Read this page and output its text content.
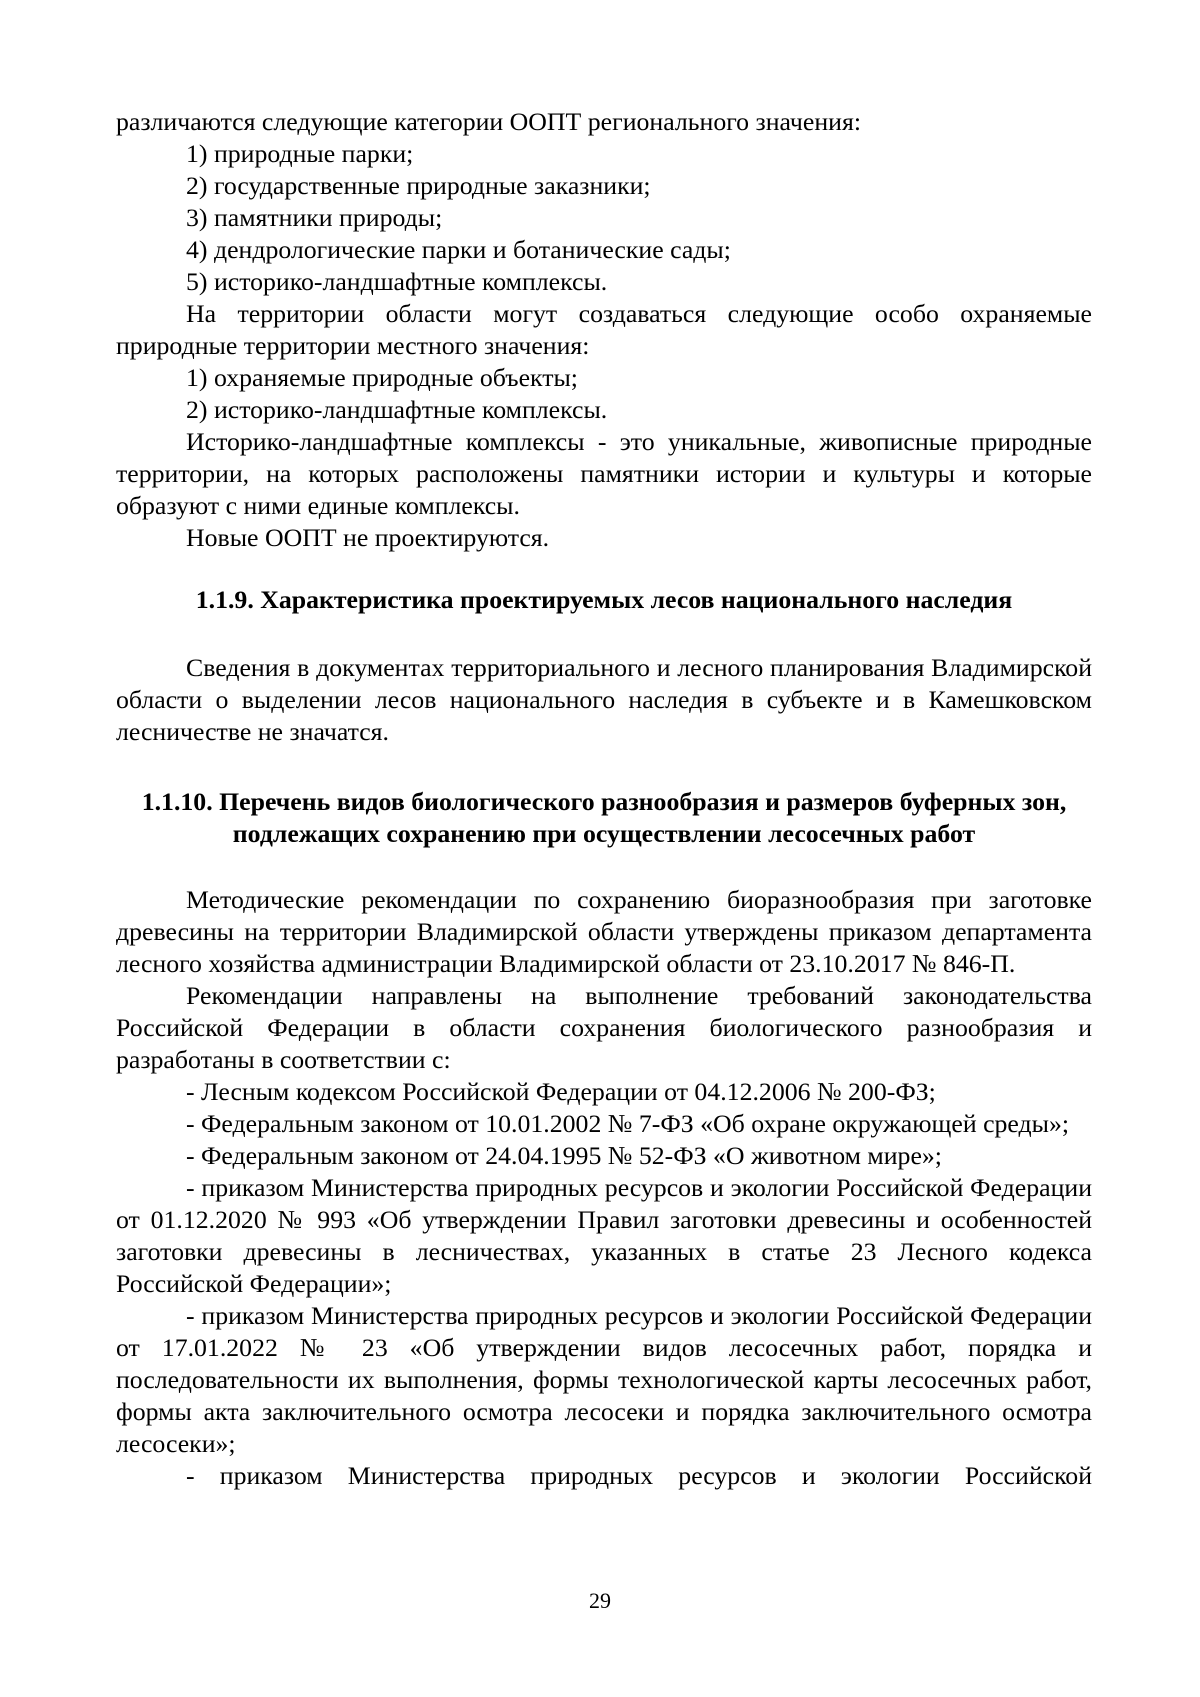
различаются следующие категории ООПТ регионального значения:

1) природные парки;

2) государственные природные заказники;

3) памятники природы;

4) дендрологические парки и ботанические сады;

5) историко-ландшафтные комплексы.

На территории области могут создаваться следующие особо охраняемые природные территории местного значения:

1) охраняемые природные объекты;

2) историко-ландшафтные комплексы.

Историко-ландшафтные комплексы - это уникальные, живописные природные территории, на которых расположены памятники истории и культуры и которые образуют с ними единые комплексы.

Новые ООПТ не проектируются.

1.1.9. Характеристика проектируемых лесов национального наследия

Сведения в документах территориального и лесного планирования Владимирской области о выделении лесов национального наследия в субъекте и в Камешковском лесничестве не значатся.

1.1.10. Перечень видов биологического разнообразия и размеров буферных зон, подлежащих сохранению при осуществлении лесосечных работ

Методические рекомендации по сохранению биоразнообразия при заготовке древесины на территории Владимирской области утверждены приказом департамента лесного хозяйства администрации Владимирской области от 23.10.2017 № 846-П.

Рекомендации направлены на выполнение требований законодательства Российской Федерации в области сохранения биологического разнообразия и разработаны в соответствии с:

- Лесным кодексом Российской Федерации от 04.12.2006 № 200-ФЗ;

- Федеральным законом от 10.01.2002 № 7-ФЗ «Об охране окружающей среды»;

- Федеральным законом от 24.04.1995 № 52-ФЗ «О животном мире»;

- приказом Министерства природных ресурсов и экологии Российской Федерации от 01.12.2020 № 993 «Об утверждении Правил заготовки древесины и особенностей заготовки древесины в лесничествах, указанных в статье 23 Лесного кодекса Российской Федерации»;

- приказом Министерства природных ресурсов и экологии Российской Федерации от 17.01.2022 № 23 «Об утверждении видов лесосечных работ, порядка и последовательности их выполнения, формы технологической карты лесосечных работ, формы акта заключительного осмотра лесосеки и порядка заключительного осмотра лесосеки»;

- приказом Министерства природных ресурсов и экологии Российской

29
